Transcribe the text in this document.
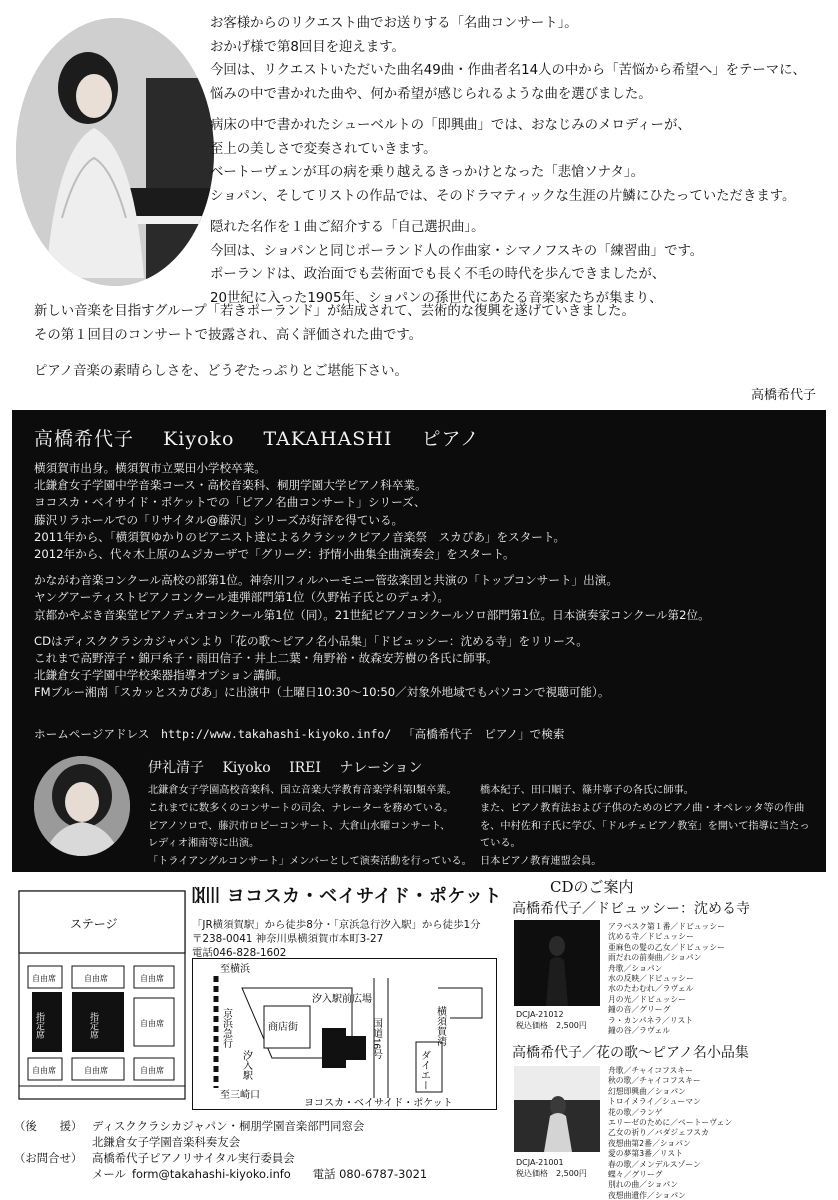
お客様からのリクエスト曲でお送りする「名曲コンサート」。

おかげ様で第8回目を迎えます。

今回は、リクエストいただいた曲名49曲・作曲者名14人の中から「苦悩から希望へ」をテーマに、

悩みの中で書かれた曲や、何か希望が感じられるような曲を選びました。

病床の中で書かれたシューベルトの「即興曲」では、おなじみのメロディーが、

至上の美しさで変奏されていきます。

ベートーヴェンが耳の病を乗り越えるきっかけとなった「悲愴ソナタ」。

ショパン、そしてリストの作品では、そのドラマティックな生涯の片鱗にひたっていただきます。

隠れた名作を１曲ご紹介する「自己選択曲」。

今回は、ショパンと同じポーランド人の作曲家・シマノフスキの「練習曲」です。

ポーランドは、政治面でも芸術面でも長く不毛の時代を歩んできましたが、

20世紀に入った1905年、ショパンの孫世代にあたる音楽家たちが集まり、

新しい音楽を目指すグループ「若きポーランド」が結成されて、芸術的な復興を遂げていきました。

その第１回目のコンサートで披露され、高く評価された曲です。

ピアノ音楽の素晴らしさを、どうぞたっぷりとご堪能下さい。

高橋希代子

高橋希代子 Kiyoko TAKAHASHI ピアノ

横須賀市出身。横須賀市立粟田小学校卒業。

北鎌倉女子学園中学音楽コース・高校音楽科、桐朋学園大学ピアノ科卒業。

ヨコスカ・ベイサイド・ポケットでの「ピアノ名曲コンサート」シリーズ、

藤沢リラホールでの「リサイタル@藤沢」シリーズが好評を得ている。

2011年から、「横須賀ゆかりのピアニスト達によるクラシックピアノ音楽祭　スカぴあ」をスタート。

2012年から、代々木上原のムジカーザで「グリーグ：抒情小曲集全曲演奏会」をスタート。

かながわ音楽コンクール高校の部第1位。神奈川フィルハーモニー管弦楽団と共演の「トップコンサート」出演。

ヤングアーティストピアノコンクール連弾部門第1位（久野祐子氏とのデュオ）。

京都かやぶき音楽堂ピアノデュオコンクール第1位（同）。21世紀ピアノコンクールソロ部門第1位。日本演奏家コンクール第2位。

CDはディスククラシカジャパンより「花の歌～ピアノ名小品集」「ドビュッシー：沈める寺」をリリース。

これまで高野淳子・錦戸糸子・雨田信子・井上二葉・角野裕・故森安芳樹の各氏に師事。

北鎌倉女子学園中学校楽器指導オプション講師。

FMブルー湘南「スカッとスカぴあ」に出演中（土曜日10:30～10:50／対象外地域でもパソコンで視聴可能）。

ホームページアドレス http://www.takahashi-kiyoko.info/ 「高橋希代子　ピアノ」で検索
伊礼清子 Kiyoko IREI ナレーション

北鎌倉女子学園高校音楽科、国立音楽大学教育音楽学科第Ⅰ類卒業。

これまでに数多くのコンサートの司会、ナレーターを務めている。

ピアノソロで、藤沢市ロビーコンサート、大倉山水曜コンサート、

レディオ湘南等に出演。

「トライアングルコンサート」メンバーとして演奏活動を行っている。

橋本紀子、田口順子、篠井寧子の各氏に師事。

また、ピアノ教育法および子供のためのピアノ曲・オペレッタ等の作曲

を、中村佐和子氏に学び、「ドルチェピアノ教室」を開いて指導に当たっ

ている。

日本ピアノ教育連盟会員。

ステージ
自由席
自由席
指定席	指定席
自由席
自由席
自由席
自由席
自由席
ヨコスカ・ベイサイド・ポケット

「JR横須賀駅」から徒歩8分・「京浜急行汐入駅」から徒歩1分

〒238-0041 神奈川県横須賀市本町3-27

電話046-828-1602

至横浜
京浜急行
汐入駅
至三崎口
商店街
汐入駅前広場
国道16号
ダイエー
横須賀湾
ヨコスカ・ベイサイド・ポケット

CDのご案内

高橋希代子／ドビュッシー：沈める寺

アラベスク第１番／ドビュッシー

沈める寺／ドビュッシー

亜麻色の髪の乙女／ドビュッシー

雨だれの前奏曲／ショパン

舟歌／ショパン

水の反映／ドビュッシー

水のたわむれ／ラヴェル

月の光／ドビュッシー

鐘の音／グリーグ

ラ・カンパネラ／リスト

鐘の谷／ラヴェル

DCJA-21012

税込価格　2,500円

高橋希代子／花の歌～ピアノ名小品集

舟歌／チャイコフスキー

秋の歌／チャイコフスキー

幻想即興曲／ショパン

トロイメライ／シューマン

花の歌／ランゲ

エリーゼのために／ベートーヴェン

乙女の祈り／バダジェフスカ

夜想曲第2番／ショパン

愛の夢第3番／リスト

春の歌／メンデルスゾーン

蝶々／グリーグ

別れの曲／ショパン

夜想曲遺作／ショパン

DCJA-21001

税込価格　2,500円

（後　　援） ディスククラシカジャパン・桐朋学園音楽部門同窓会
北鎌倉女子学園音楽科奏友会
（お問合せ） 高橋希代子ピアノリサイタル実行委員会
メール form@takahashi-kiyoko.info 電話 080-6787-3021
